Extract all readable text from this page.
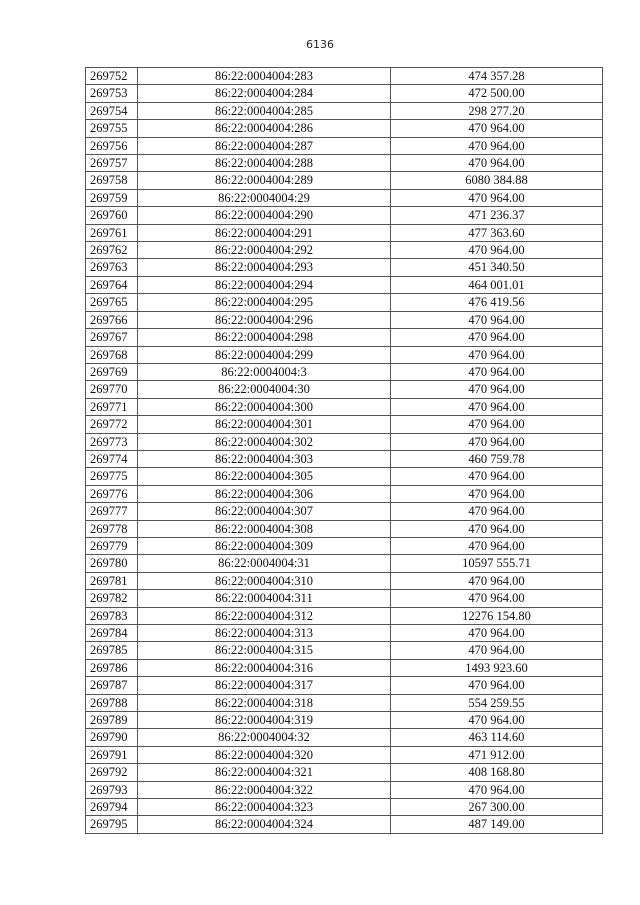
6136
269752	86:22:0004004:283	474 357.28
269753	86:22:0004004:284	472 500.00
269754	86:22:0004004:285	298 277.20
269755	86:22:0004004:286	470 964.00
269756	86:22:0004004:287	470 964.00
269757	86:22:0004004:288	470 964.00
269758	86:22:0004004:289	6080 384.88
269759	86:22:0004004:29	470 964.00
269760	86:22:0004004:290	471 236.37
269761	86:22:0004004:291	477 363.60
269762	86:22:0004004:292	470 964.00
269763	86:22:0004004:293	451 340.50
269764	86:22:0004004:294	464 001.01
269765	86:22:0004004:295	476 419.56
269766	86:22:0004004:296	470 964.00
269767	86:22:0004004:298	470 964.00
269768	86:22:0004004:299	470 964.00
269769	86:22:0004004:3	470 964.00
269770	86:22:0004004:30	470 964.00
269771	86:22:0004004:300	470 964.00
269772	86:22:0004004:301	470 964.00
269773	86:22:0004004:302	470 964.00
269774	86:22:0004004:303	460 759.78
269775	86:22:0004004:305	470 964.00
269776	86:22:0004004:306	470 964.00
269777	86:22:0004004:307	470 964.00
269778	86:22:0004004:308	470 964.00
269779	86:22:0004004:309	470 964.00
269780	86:22:0004004:31	10597 555.71
269781	86:22:0004004:310	470 964.00
269782	86:22:0004004:311	470 964.00
269783	86:22:0004004:312	12276 154.80
269784	86:22:0004004:313	470 964.00
269785	86:22:0004004:315	470 964.00
269786	86:22:0004004:316	1493 923.60
269787	86:22:0004004:317	470 964.00
269788	86:22:0004004:318	554 259.55
269789	86:22:0004004:319	470 964.00
269790	86:22:0004004:32	463 114.60
269791	86:22:0004004:320	471 912.00
269792	86:22:0004004:321	408 168.80
269793	86:22:0004004:322	470 964.00
269794	86:22:0004004:323	267 300.00
269795	86:22:0004004:324	487 149.00
